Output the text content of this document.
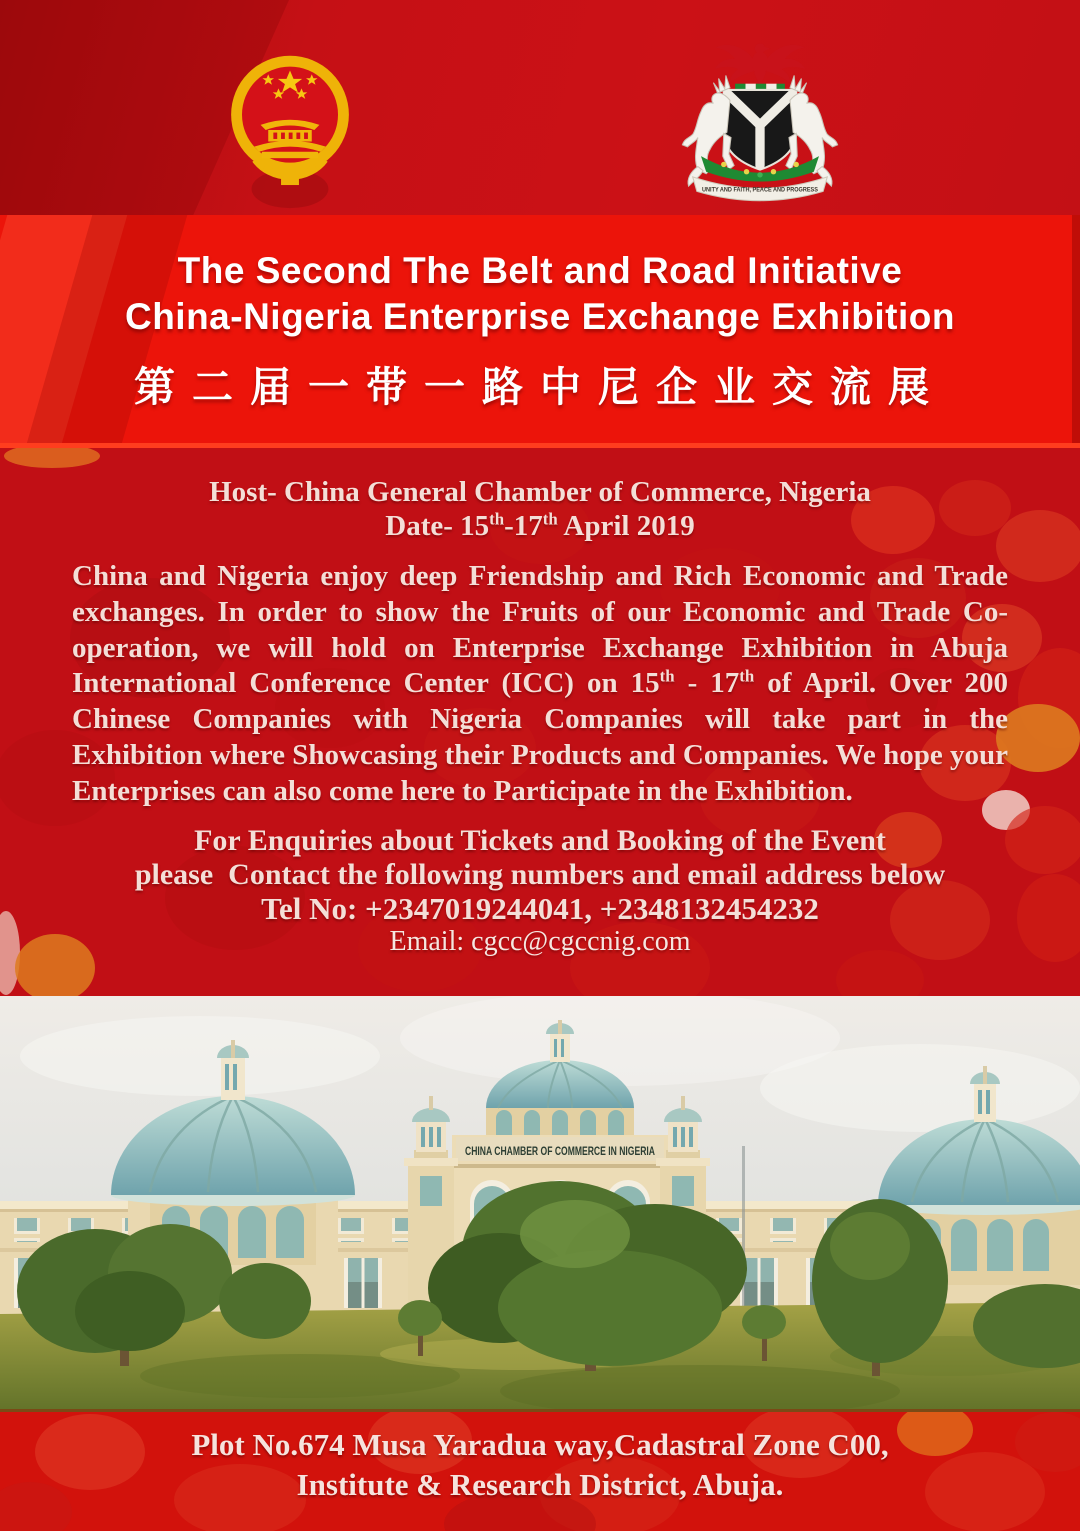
UNITY AND FAITH, PEACE AND PROGRESS
The Second The Belt and Road Initiative
China-Nigeria Enterprise Exchange Exhibition
第二届一带一路中尼企业交流展
Host- China General Chamber of Commerce, Nigeria
Date- 15th-17th April 2019

China and Nigeria enjoy deep Friendship and Rich Economic and Trade exchanges. In order to show the Fruits of our Economic and Trade Co-operation, we will hold on Enterprise Exchange Exhibition in Abuja International Conference Center (ICC) on 15th - 17th of April. Over 200 Chinese Companies with Nigeria Companies will take part in the Exhibition where Showcasing their Products and Companies. We hope your Enterprises can also come here to Participate in the Exhibition.

For Enquiries about Tickets and Booking of the Event
please  Contact the following numbers and email address below
Tel No: +2347019244041, +2348132454232
Email: cgcc@cgccnig.com
CHINA CHAMBER OF COMMERCE IN NIGERIA
Plot No.674 Musa Yaradua way,Cadastral Zone C00,
Institute & Research District, Abuja.
